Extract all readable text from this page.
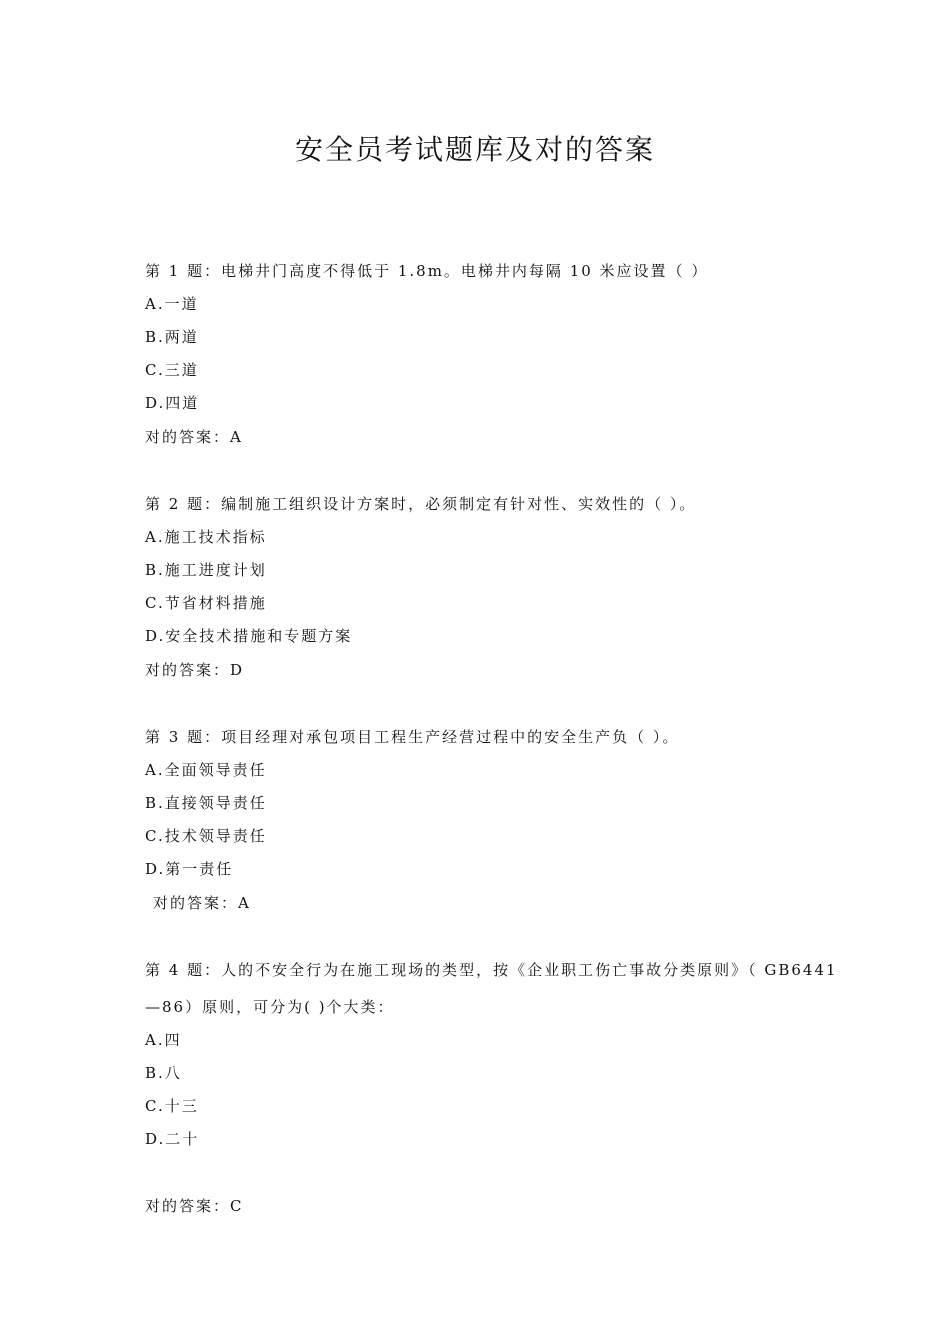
安全员考试题库及对的答案
第 1 题：电梯井门高度不得低于 1.8m。电梯井内每隔 10 米应设置（ ）
A.一道
B.两道
C.三道
D.四道
对的答案：A
第 2 题：编制施工组织设计方案时，必须制定有针对性、实效性的（ ）。
A.施工技术指标
B.施工进度计划
C.节省材料措施
D.安全技术措施和专题方案
对的答案：D
第 3 题：项目经理对承包项目工程生产经营过程中的安全生产负（ ）。
A.全面领导责任
B.直接领导责任
C.技术领导责任
D.第一责任
对的答案：A
第 4 题：人的不安全行为在施工现场的类型，按《企业职工伤亡事故分类原则》（ GB6441
—86）原则，可分为( )个大类：
A.四
B.八
C.十三
D.二十
对的答案：C
